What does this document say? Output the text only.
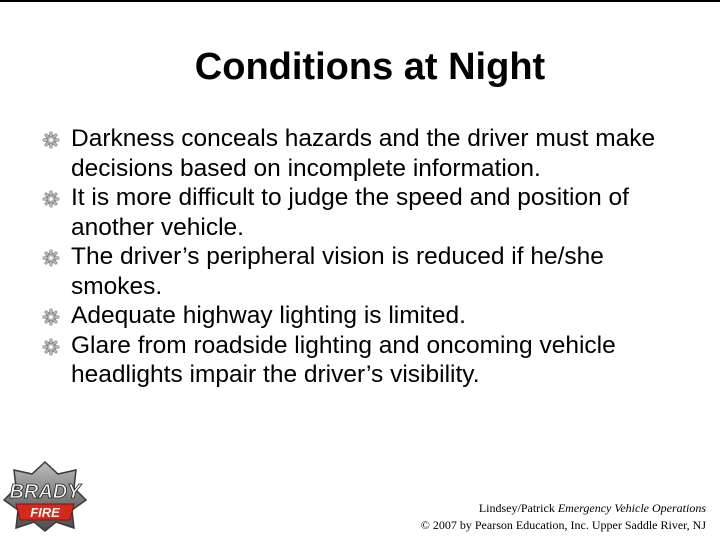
Conditions at Night
Darkness conceals hazards and the driver must make decisions based on incomplete information.
It is more difficult to judge the speed and position of another vehicle.
The driver’s peripheral vision is reduced if he/she smokes.
Adequate highway lighting is limited.
Glare from roadside lighting and oncoming vehicle headlights impair the driver’s visibility.
BRADY
FIRE	Lindsey/Patrick Emergency Vehicle Operations
© 2007 by Pearson Education, Inc. Upper Saddle River, NJ
